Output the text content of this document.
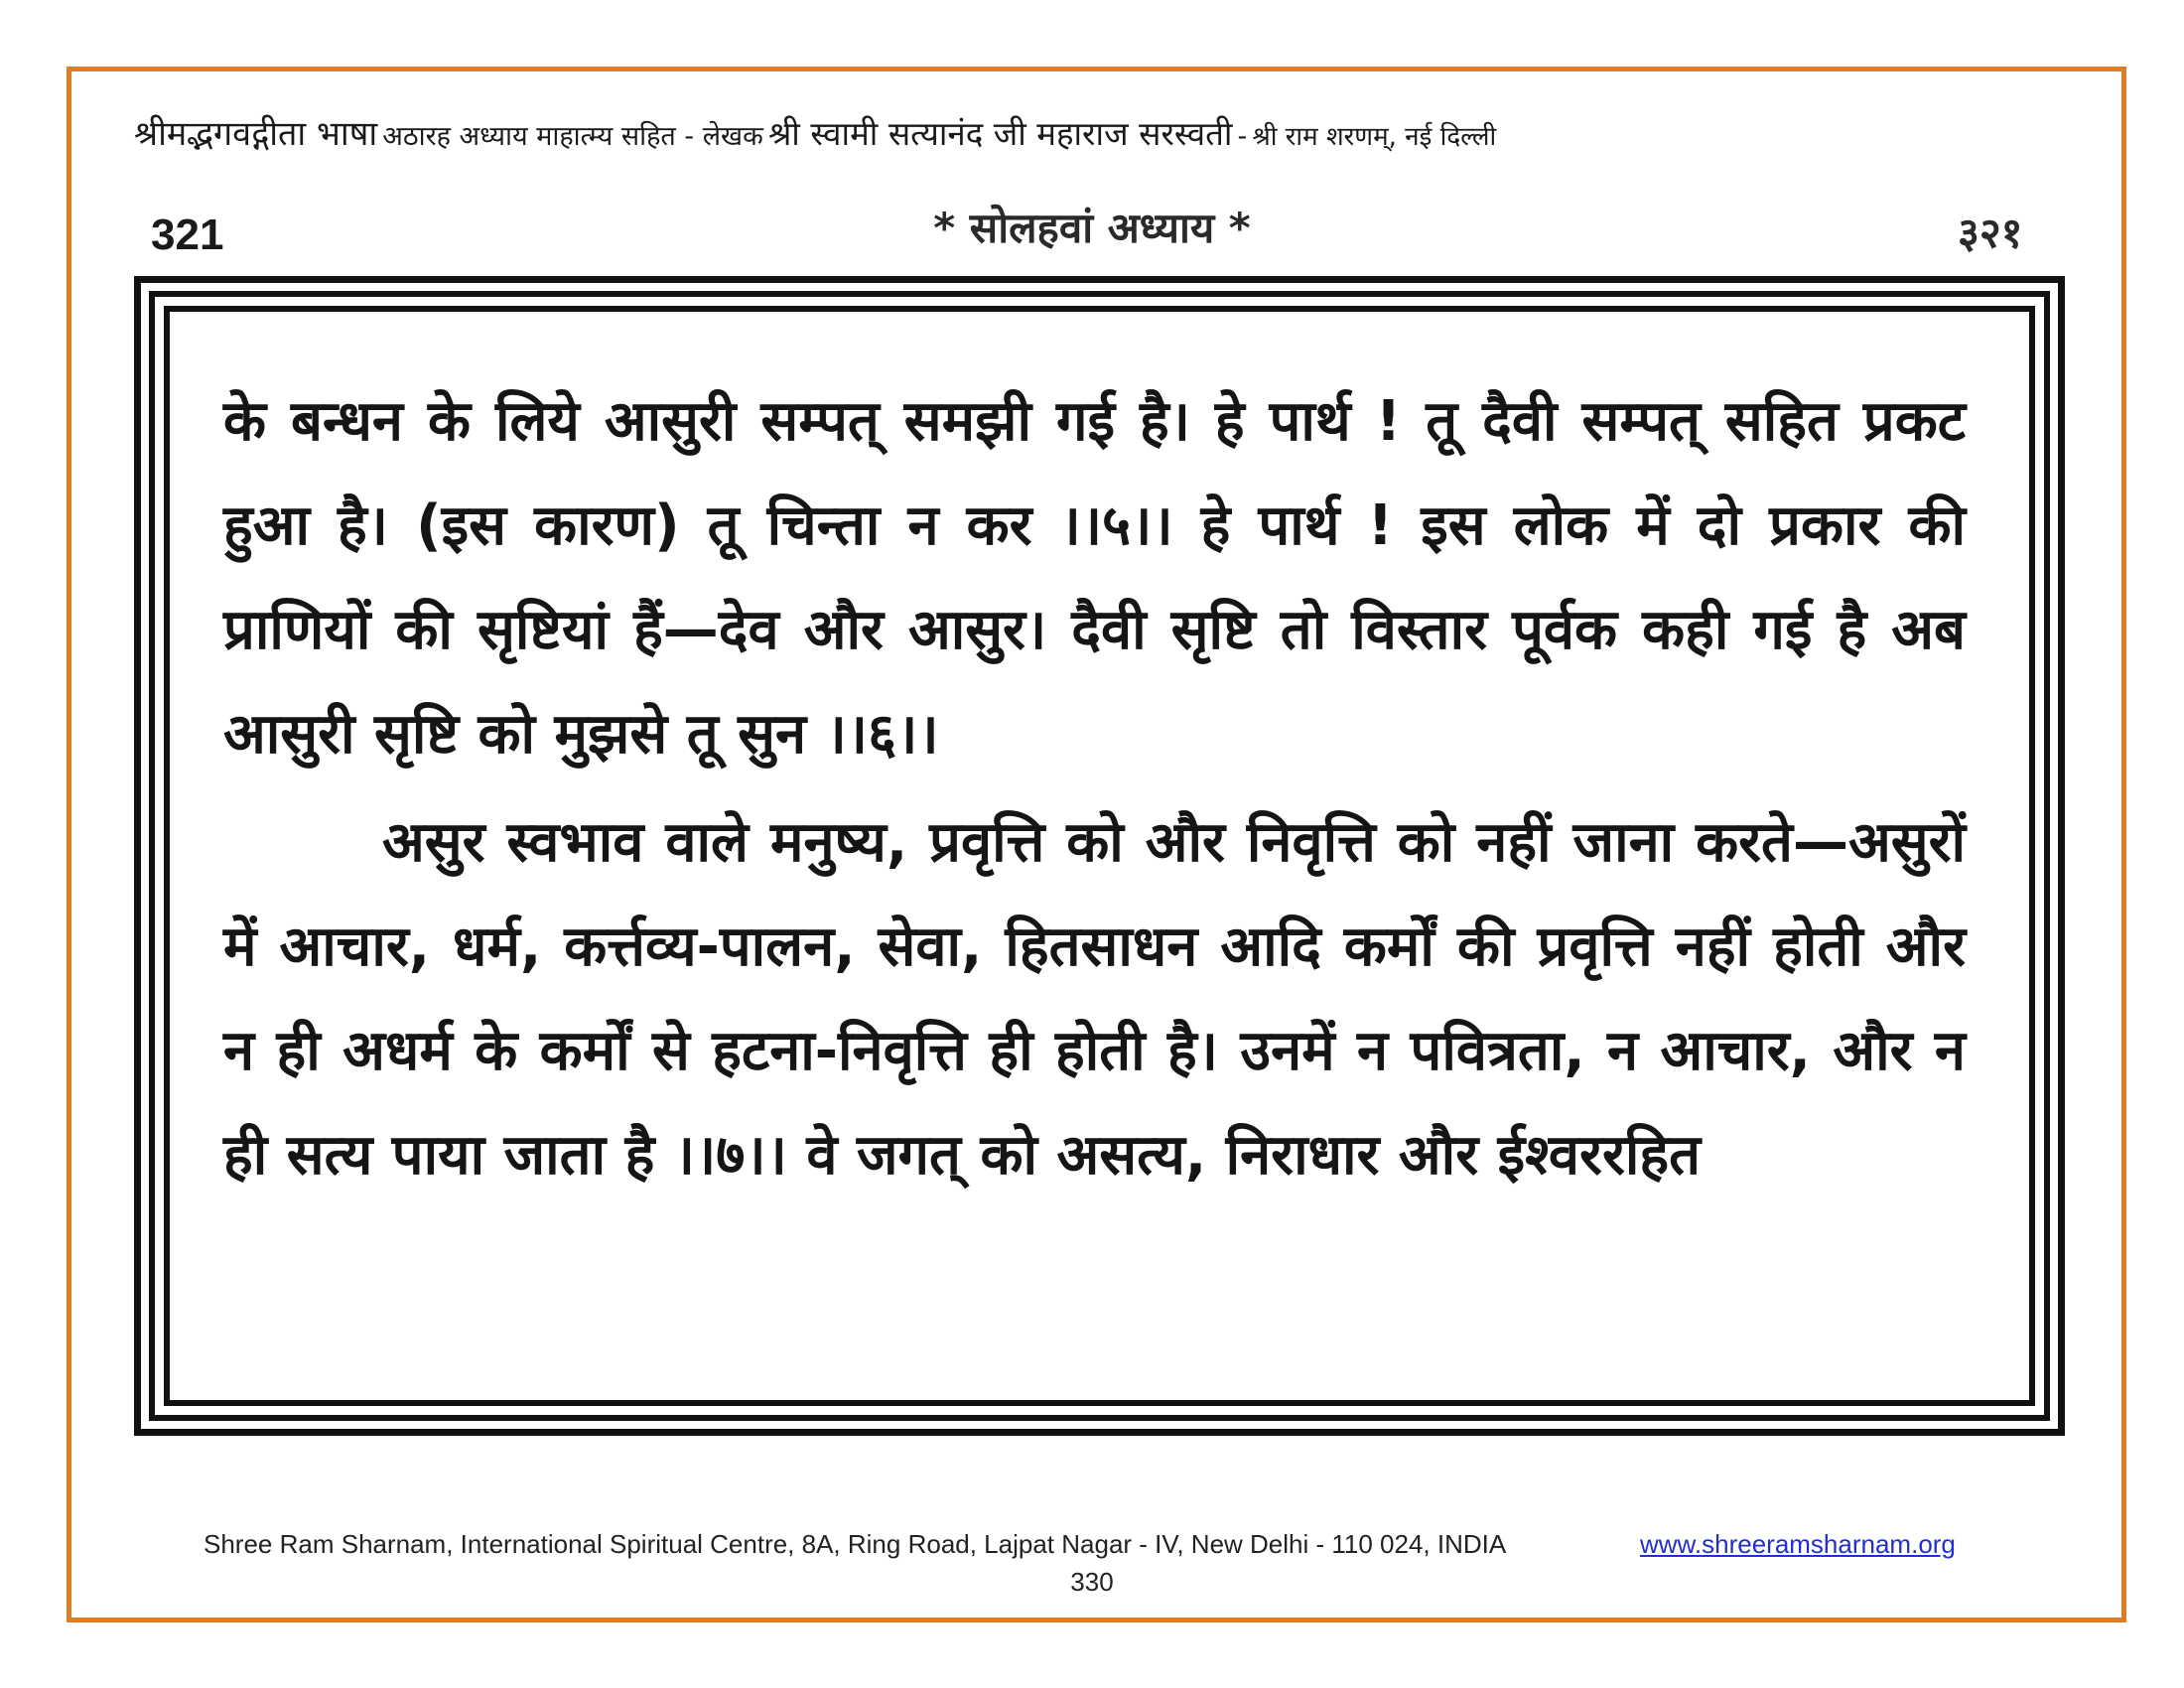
श्रीमद्भगवद्गीता भाषा अठारह अध्याय माहात्म्य सहित - लेखक श्री स्वामी सत्यानंद जी महाराज सरस्वती - श्री राम शरणम्, नई दिल्ली
321	* सोलहवां अध्याय *	३२१

के बन्धन के लिये आसुरी सम्पत् समझी गई है। हे पार्थ ! तू दैवी सम्पत् सहित प्रकट हुआ है। (इस कारण) तू चिन्ता न कर ।।५।। हे पार्थ ! इस लोक में दो प्रकार की प्राणियों की सृष्टियां हैं—देव और आसुर। दैवी सृष्टि तो विस्तार पूर्वक कही गई है अब आसुरी सृष्टि को मुझसे तू सुन ।।६।।

असुर स्वभाव वाले मनुष्य, प्रवृत्ति को और निवृत्ति को नहीं जाना करते—असुरों में आचार, धर्म, कर्त्तव्य-पालन, सेवा, हितसाधन आदि कर्मों की प्रवृत्ति नहीं होती और न ही अधर्म के कर्मों से हटना-निवृत्ति ही होती है। उनमें न पवित्रता, न आचार, और न ही सत्य पाया जाता है ।।७।। वे जगत् को असत्य, निराधार और ईश्वररहित

Shree Ram Sharnam, International Spiritual Centre, 8A, Ring Road, Lajpat Nagar - IV, New Delhi - 110 024, INDIA	www.shreeramsharnam.org
330
